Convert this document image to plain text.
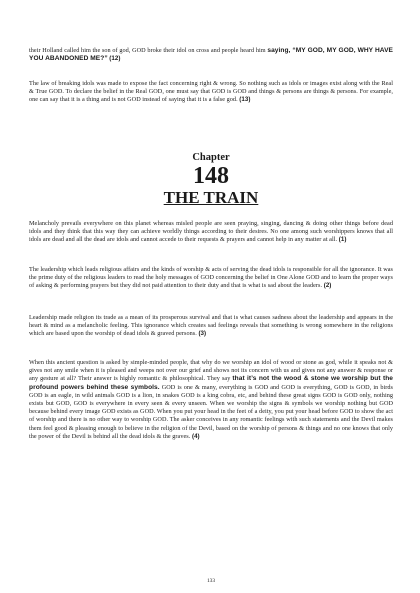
their Holland called him the son of god, GOD broke their idol on cross and people heard him saying, “MY GOD, MY GOD, WHY HAVE YOU ABANDONED ME?” (12)

The law of breaking idols was made to expose the fact concerning right & wrong. So nothing such as idols or images exist along with the Real & True GOD. To declare the belief in the Real GOD, one must say that GOD is GOD and things & persons are things & persons. For example, one can say that it is a thing and is not GOD instead of saying that it is a false god. (13)

Chapter
148
THE TRAIN

Melancholy prevails everywhere on this planet whereas misled people are seen praying, singing, dancing & doing other things before dead idols and they think that this way they can achieve worldly things according to their desires. No one among such worshippers knows that all idols are dead and all the dead are idols and cannot accede to their requests & prayers and cannot help in any matter at all. (1)

The leadership which leads religious affairs and the kinds of worship & acts of serving the dead idols is responsible for all the ignorance. It was the prime duty of the religious leaders to read the holy messages of GOD concerning the belief in One Alone GOD and to learn the proper ways of asking & performing prayers but they did not paid attention to their duty and that is what is sad about the leaders. (2)

Leadership made religion its trade as a mean of its prosperous survival and that is what causes sadness about the leadership and appears in the heart & mind as a melancholic feeling. This ignorance which creates sad feelings reveals that something is wrong somewhere in the religions which are based upon the worship of dead idols & graved persons. (3)

When this ancient question is asked by simple-minded people, that why do we worship an idol of wood or stone as god, while it speaks not & gives not any smile when it is pleased and weeps not over our grief and shows not its concern with us and gives not any answer & response or any gesture at all? Their answer is highly romantic & philosophical. They say that it’s not the wood & stone we worship but the profound powers behind these symbols. GOD is one & many, everything is GOD and GOD is everything, GOD is GOD, in birds GOD is an eagle, in wild animals GOD is a lion, in snakes GOD is a king cobra, etc, and behind these great signs GOD is GOD only, nothing exists but GOD, GOD is everywhere in every seen & every unseen. When we worship the signs & symbols we worship nothing but GOD because behind every image GOD exists as GOD. When you put your head in the feet of a deity, you put your head before GOD to show the act of worship and there is no other way to worship GOD. The asker conceives in any romantic feelings with such statements and the Devil makes them feel good & pleasing enough to believe in the religion of the Devil, based on the worship of persons & things and no one knows that only the power of the Devil is behind all the dead idols & the graves. (4)

133
